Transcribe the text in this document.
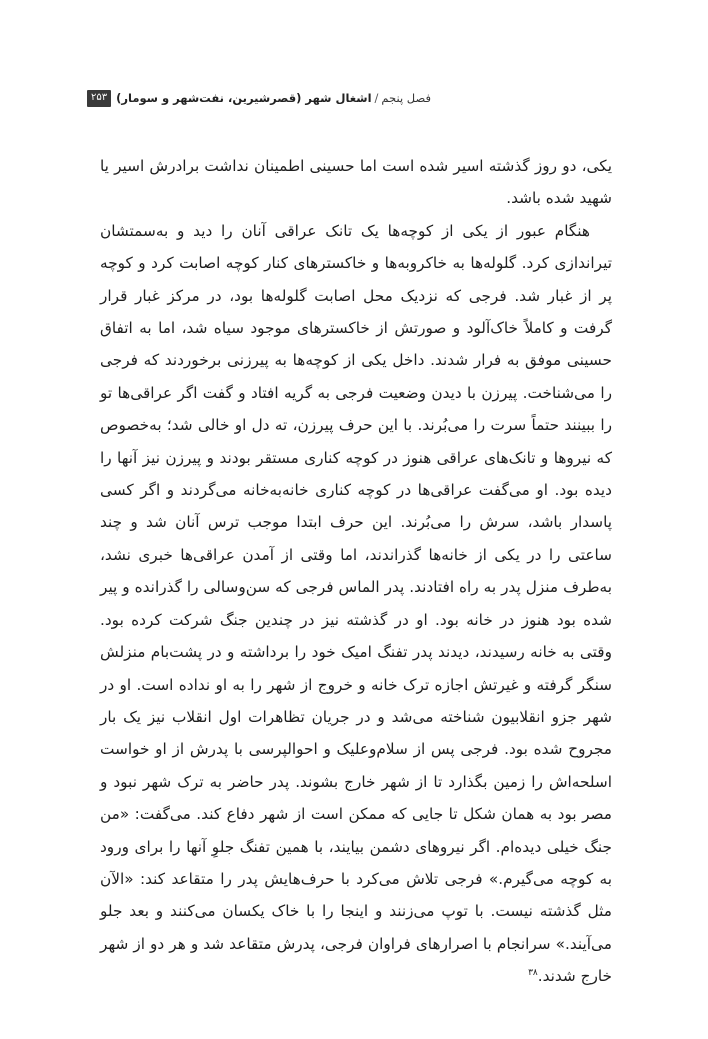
فصل پنجم
/
اشغال شهر (قصرشیرین، نفت‌شهر و سومار)
۲۵۳

یکی، دو روز گذشته اسیر شده است اما حسینی اطمینان نداشت برادرش اسیر یا شهید شده باشد.

هنگام عبور از یکی از کوچه‌ها یک تانک عراقی آنان را دید و به‌سمتشان تیراندازی کرد. گلوله‌ها به خاکروبه‌ها و خاکسترهای کنار کوچه اصابت کرد و کوچه پر از غبار شد. فرجی که نزدیک محل اصابت گلوله‌ها بود، در مرکز غبار قرار گرفت و کاملاً خاک‌آلود و صورتش از خاکسترهای موجود سیاه شد، اما به اتفاق حسینی موفق به فرار شدند. داخل یکی از کوچه‌ها به پیرزنی برخوردند که فرجی را می‌شناخت. پیرزن با دیدن وضعیت فرجی به گریه افتاد و گفت اگر عراقی‌ها تو را ببینند حتماً سرت را می‌بُرند. با این حرف پیرزن، ته دل او خالی شد؛ به‌خصوص که نیروها و تانک‌های عراقی هنوز در کوچه کناری مستقر بودند و پیرزن نیز آنها را دیده بود. او می‌گفت عراقی‌ها در کوچه کناری خانه‌به‌خانه می‌گردند و اگر کسی پاسدار باشد، سرش را می‌بُرند. این حرف ابتدا موجب ترس آنان شد و چند ساعتی را در یکی از خانه‌ها گذراندند، اما وقتی از آمدن عراقی‌ها خبری نشد، به‌طرف منزل پدر به راه افتادند. پدر الماس فرجی که سن‌وسالی را گذرانده و پیر شده بود هنوز در خانه بود. او در گذشته نیز در چندین جنگ شرکت کرده بود. وقتی به خانه رسیدند، دیدند پدر تفنگ امیک خود را برداشته و در پشت‌بام منزلش سنگر گرفته و غیرتش اجازه ترک خانه و خروج از شهر را به او نداده است. او در شهر جزو انقلابیون شناخته می‌شد و در جریان تظاهرات اول انقلاب نیز یک بار مجروح شده بود. فرجی پس از سلام‌وعلیک و احوالپرسی با پدرش از او خواست اسلحه‌اش را زمین بگذارد تا از شهر خارج بشوند. پدر حاضر به ترک شهر نبود و مصر بود به همان شکل تا جایی که ممکن است از شهر دفاع کند. می‌گفت: «من جنگ خیلی دیده‌ام. اگر نیروهای دشمن بیایند، با همین تفنگ جلوِ آنها را برای ورود به کوچه می‌گیرم.» فرجی تلاش می‌کرد با حرف‌هایش پدر را متقاعد کند: «الآن مثل گذشته نیست. با توپ می‌زنند و اینجا را با خاک یکسان می‌کنند و بعد جلو می‌آیند.» سرانجام با اصرارهای فراوان فرجی، پدرش متقاعد شد و هر دو از شهر خارج شدند.$^{۳۸}$
